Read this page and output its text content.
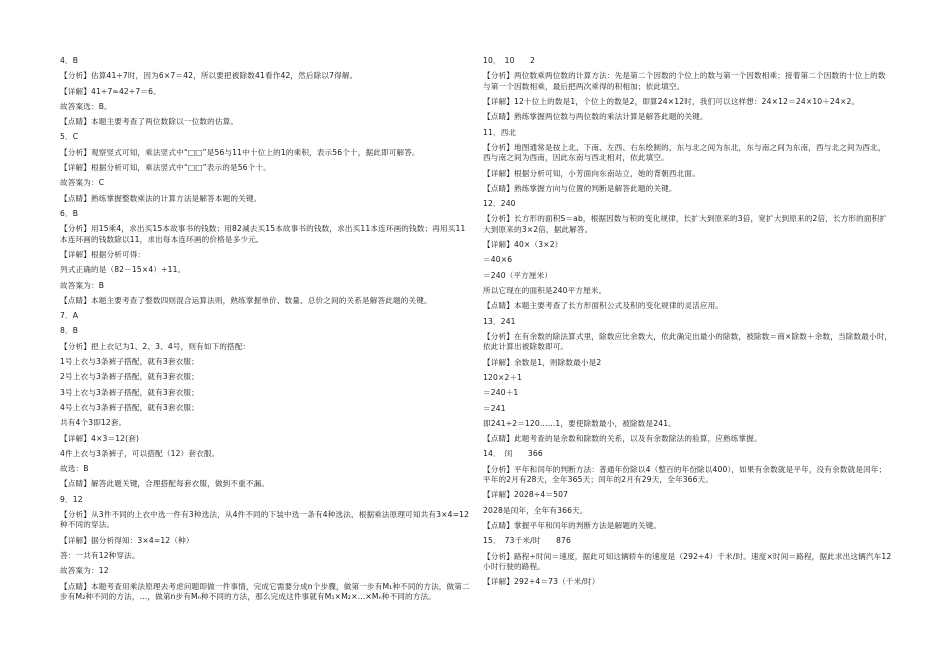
4．B
【分析】估算41÷7时，因为6×7＝42，所以要把被除数41看作42，然后除以7得解。
【详解】41÷7≈42÷7＝6。
故答案选：B。
【点睛】本题主要考查了两位数除以一位数的估算。
5．C
【分析】观察竖式可知，乘法竖式中“□□”是56与11中十位上的1的乘积，表示56个十，据此即可解答。
【详解】根据分析可知，乘法竖式中“□□”表示的是56个十。
故答案为：C
【点睛】熟练掌握整数乘法的计算方法是解答本题的关键。
6．B
【分析】用15乘4，求出买15本故事书的钱数；用82减去买15本故事书的钱数，求出买11本连环画的钱数；再用买11本连环画的钱数除以11，求出每本连环画的价格是多少元。
【详解】根据分析可得：
列式正确的是（82－15×4）÷11。
故答案为：B
【点睛】本题主要考查了整数四则混合运算法则，熟练掌握单价、数量、总价之间的关系是解答此题的关键。
7．A
8．B
【分析】把上衣记为1、2、3、4号，则有如下的搭配：
1号上衣与3条裤子搭配，就有3套衣服；
2号上衣与3条裤子搭配，就有3套衣服；
3号上衣与3条裤子搭配，就有3套衣服；
4号上衣与3条裤子搭配，就有3套衣服；
共有4个3即12套。
【详解】4×3＝12(套)
4件上衣与3条裤子，可以搭配（12）套衣服。
故选：B
【点睛】解答此题关键，合理搭配每套衣服，做到不重不漏。
9．12
【分析】从3件不同的上衣中选一件有3种选法，从4件不同的下装中选一条有4种选法，根据乘法原理可知共有3×4=12种不同的穿法。
【详解】据分析得知：3×4=12（种）
答：一共有12种穿法。
故答案为：12
【点睛】本题考查用乘法原理去考虑问题即做一件事情，完成它需要分成n个步骤，做第一步有M₁种不同的方法，做第二步有M₂种不同的方法，…，做第n步有Mₙ种不同的方法，那么完成这件事就有M₁×M₂×…×Mₙ种不同的方法。
10．　10　　2
【分析】两位数乘两位数的计算方法：先是第二个因数的个位上的数与第一个因数相乘；接着第二个因数的十位上的数与第一个因数相乘，最后把两次乘得的积相加；依此填空。
【详解】12十位上的数是1，个位上的数是2，即算24×12时，我们可以这样想：24×12＝24×10＋24×2。
【点睛】熟练掌握两位数与两位数的乘法计算是解答此题的关键。
11．西北
【分析】地图通常是按上北、下南、左西、右东绘制的，东与北之间为东北，东与南之间为东南，西与北之间为西北，西与南之间为西南，因此东南与西北相对，依此填空。
【详解】根据分析可知，小芳面向东南站立，她的背朝西北面。
【点睛】熟练掌握方向与位置的判断是解答此题的关键。
12．240
【分析】长方形的面积S＝ab，根据因数与积的变化规律，长扩大到原来的3倍，宽扩大到原来的2倍，长方形的面积扩大到原来的3×2倍，据此解答。
【详解】40×（3×2）
＝40×6
＝240（平方厘米）
所以它现在的面积是240平方厘米。
【点睛】本题主要考查了长方形面积公式及积的变化规律的灵活应用。
13．241
【分析】在有余数的除法算式里，除数应比余数大，依此确定出最小的除数，被除数＝商×除数＋余数，当除数最小时，依此计算出被除数即可。
【详解】余数是1，则除数最小是2
120×2＋1
＝240＋1
＝241
即241÷2＝120……1，要使除数最小，被除数是241。
【点睛】此题考查的是余数和除数的关系，以及有余数除法的验算，应熟练掌握。
14．　闰　　366
【分析】平年和闰年的判断方法：普通年份除以4（整百的年份除以400），如果有余数就是平年，没有余数就是闰年；平年的2月有28天，全年365天；闰年的2月有29天，全年366天。
【详解】2028÷4＝507
2028是闰年，全年有366天。
【点睛】掌握平年和闰年的判断方法是解题的关键。
15．　73千米/时　　876
【分析】路程÷时间＝速度，据此可知这辆轿车的速度是（292÷4）千米/时。速度×时间＝路程，据此求出这辆汽车12小时行驶的路程。
【详解】292÷4＝73（千米/时）
